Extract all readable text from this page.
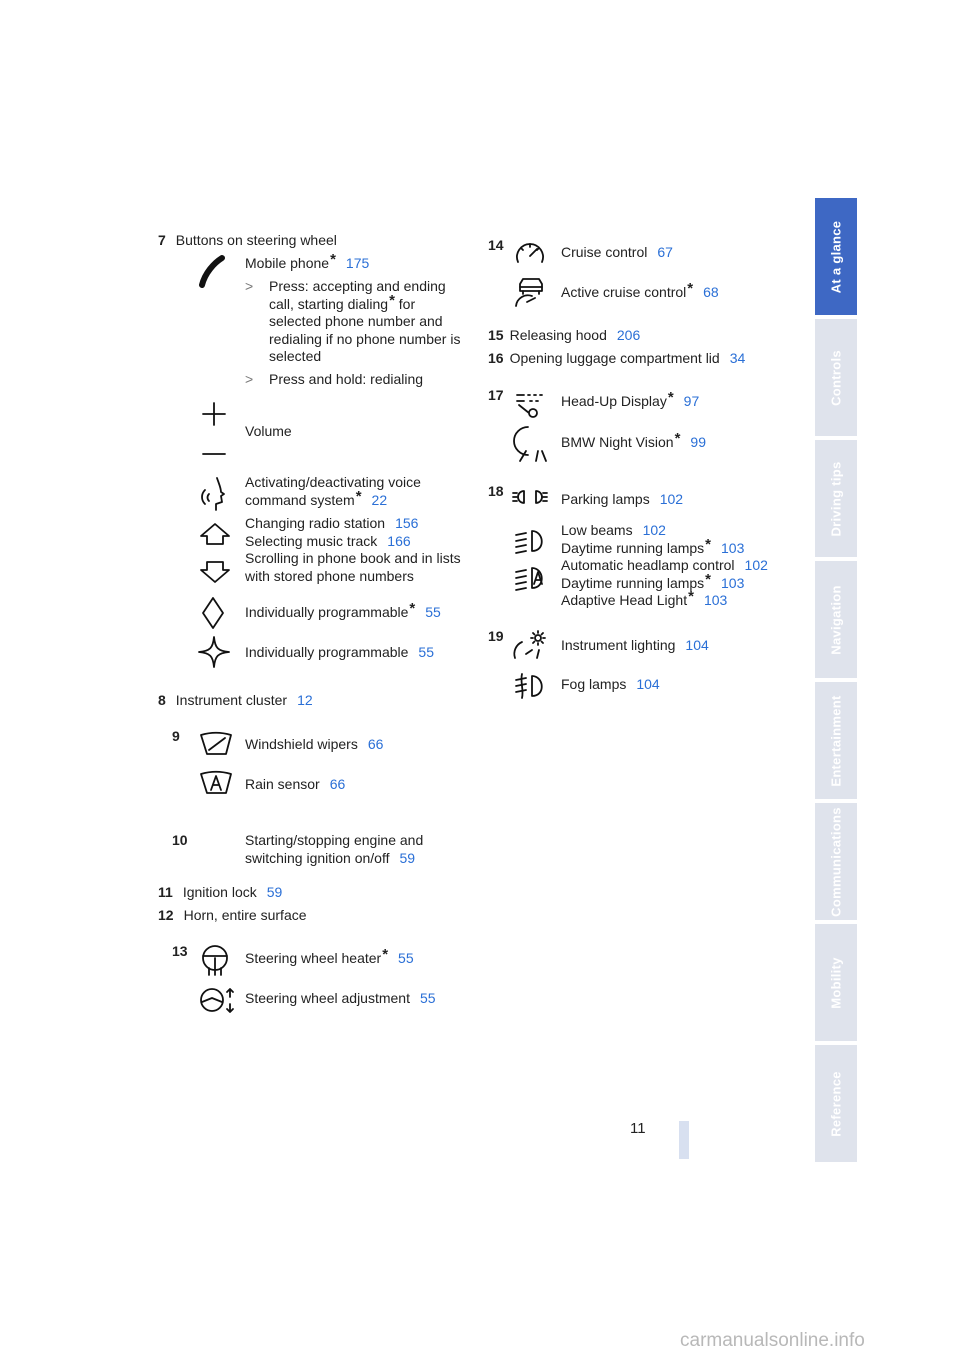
At a glance
Controls
Driving tips
Navigation
Entertainment
Communications
Mobility
Reference
7 Buttons on steering wheel
Mobile phone* 175
> Press: accepting and ending
call, starting dialing* for
selected phone number and
redialing if no phone number is
selected
> Press and hold: redialing
Volume
Activating/deactivating voice
command system* 22
Changing radio station 156
Selecting music track 166
Scrolling in phone book and in lists
with stored phone numbers
Individually programmable* 55
Individually programmable 55
8 Instrument cluster 12
9	Windshield wipers 66
Rain sensor 66
10	Starting/stopping engine and
switching ignition on/off 59
11 Ignition lock 59
12 Horn, entire surface
13	Steering wheel heater* 55
Steering wheel adjustment 55
14	Cruise control 67
Active cruise control* 68
15 Releasing hood 206
16 Opening luggage compartment lid 34
17	Head-Up Display* 97
BMW Night Vision* 99
18	Parking lamps 102
Low beams 102
Daytime running lamps* 103
Automatic headlamp control 102
Daytime running lamps* 103
Adaptive Head Light* 103
19
Instrument lighting 104
Fog lamps 104
11
carmanualsonline.info
